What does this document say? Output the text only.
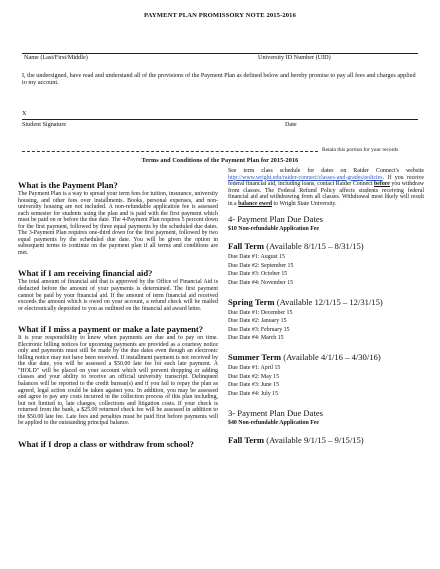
PAYMENT PLAN PROMISSORY NOTE 2015-2016
Name (Last/First/Middle)	University ID Number (UID)
I, the undersigned, have read and understand all of the provisions of the Payment Plan as defined below and hereby promise to pay all fees and charges applied to my account.
X
Student Signature	Date
Retain this portion for your records
Terms and Conditions of the Payment Plan for 2015-2016
What is the Payment Plan?
The Payment Plan is a way to spread your term fees for tuition, insurance, university housing, and other fees over installments. Books, personal expenses, and non-university housing are not included. A non-refundable application fee is assessed each semester for students using the plan and is paid with the first payment which must be paid on or before the due date. The 4-Payment Plan requires 5 percent down for the first payment, followed by three equal payments by the scheduled due dates. The 3-Payment Plan requires one-third down for the first payment, followed by two equal payments by the scheduled due date. You will be given the option in subsequent terms to continue on the payment plan if all terms and conditions are met.
What if I am receiving financial aid?
The total amount of financial aid that is approved by the Office of Financial Aid is deducted before the amount of your payments is determined. The first payment cannot be paid by your financial aid. If the amount of term financial aid received exceeds the amount which is owed on your account, a refund check will be mailed or electronically deposited to you as outlined on the financial aid award letter.
What if I miss a payment or make a late payment?
It is your responsibility to know when payments are due and to pay on time. Electronic billing notices for upcoming payments are provided as a courtesy notice only and payments must still be made by the due dates even though an electronic billing notice may not have been received. If installment payment is not received by the due date, you will be assessed a $50.00 late fee for each late payment. A "HOLD" will be placed on your account which will prevent dropping or adding classes and your ability to receive an official university transcript. Delinquent balances will be reported to the credit bureau(s) and if you fail to repay the plan as agreed, legal action could be taken against you. In addition, you may be assessed and agree to pay any costs incurred in the collection process of this plan including, but not limited to, late charges, collections and litigation costs. If your check is returned from the bank, a $25.00 returned check fee will be assessed in addition to the $50.00 late fee. Late fees and penalties must be paid first before payments will be applied to the outstanding principal balance.
What if I drop a class or withdraw from school?
See term class schedule for dates on Raider Connect's website http://www.wright.edu/raider-connect/classes-and-grades/policies. If you receive federal financial aid, including loans, contact Raider Connect before you withdraw from classes. The Federal Refund Policy affects students receiving federal financial aid and withdrawing from all classes. Withdrawal most likely will result in a balance owed to Wright State University.
4- Payment Plan Due Dates
$10 Non-refundable Application Fee
Fall Term (Available 8/1/15 – 8/31/15)
Due Date #1: August 15
Due Date #2: September 15
Due Date #3: October 15
Due Date #4: November 15
Spring Term (Available 12/1/15 – 12/31/15)
Due Date #1: December 15
Due Date #2: January 15
Due Date #3: February 15
Due Date #4: March 15
Summer Term (Available 4/1/16 – 4/30/16)
Due Date #1: April 15
Due Date #2: May 15
Due Date #3: June 15
Due Date #4: July 15
3- Payment Plan Due Dates
$40 Non-refundable Application Fee
Fall Term (Available 9/1/15 – 9/15/15)
